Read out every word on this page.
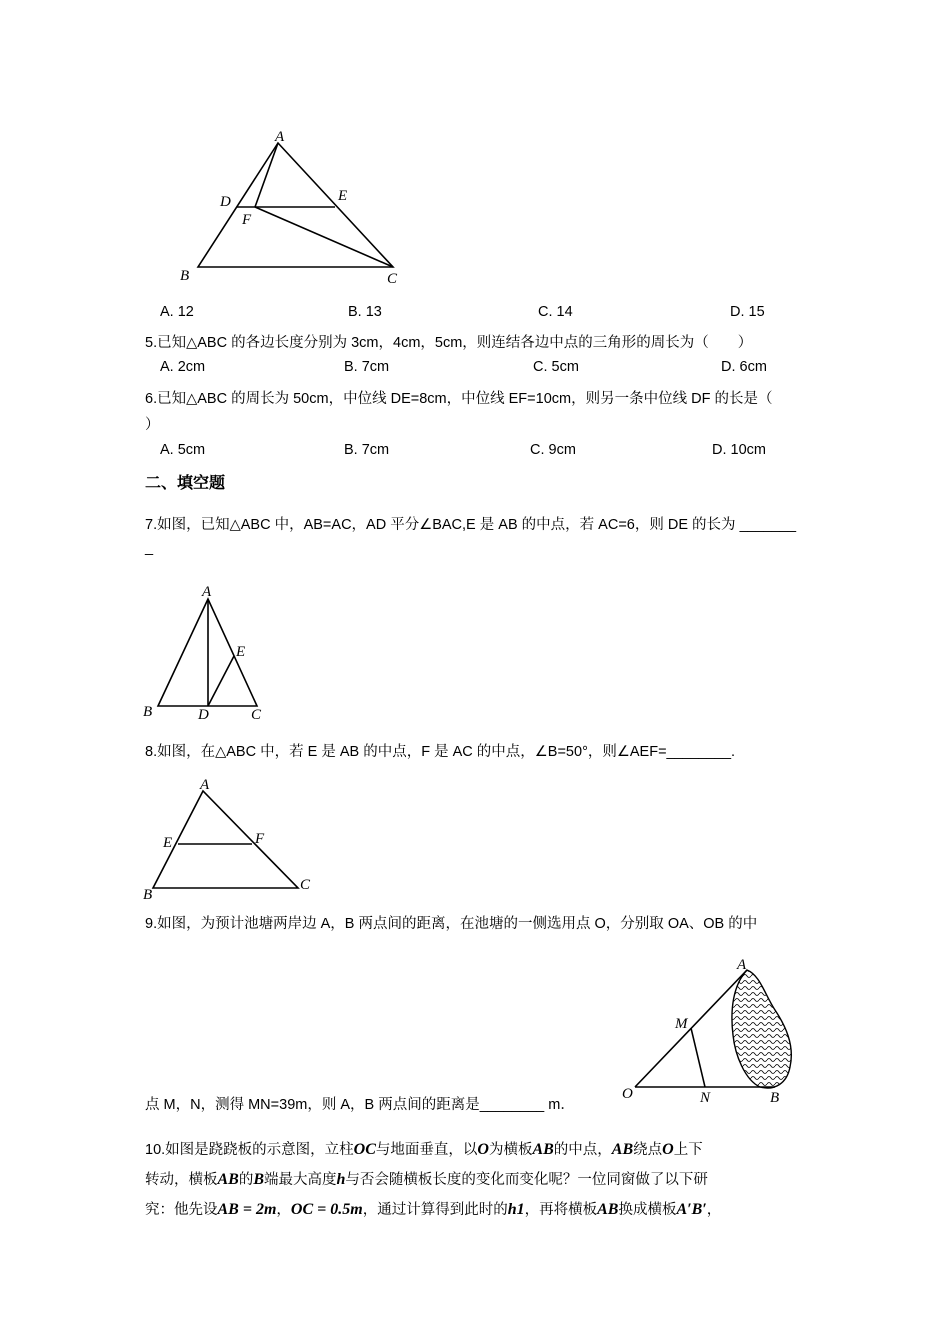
A
D	E
F
B	C
A. 12	B. 13	C. 14	D. 15
5.已知△ABC 的各边长度分别为 3cm，4cm，5cm，则连结各边中点的三角形的周长为（　　）
A. 2cm	B. 7cm	C. 5cm	D. 6cm
6.已知△ABC 的周长为 50cm，中位线 DE=8cm，中位线 EF=10cm，则另一条中位线 DF 的长是（
）
A. 5cm	B. 7cm	C. 9cm	D. 10cm
二、填空题
7.如图，已知△ABC 中，AB=AC，AD 平分∠BAC,E 是 AB 的中点，若 AC=6，则 DE 的长为 _______
_
A
E
B	D	C
8.如图，在△ABC 中，若 E 是 AB 的中点，F 是 AC 的中点，∠B=50°，则∠AEF=________.
A
E	F
B
C
9.如图，为预计池塘两岸边 A，B 两点间的距离，在池塘的一侧选用点 O，分别取 OA、OB 的中
A
M
O	N	B
点 M，N，测得 MN=39m，则 A，B 两点间的距离是________ m．
10.如图是跷跷板的示意图，立柱OC与地面垂直，以O为横板AB的中点，AB绕点O上下
转动，横板AB的B端最大高度h与否会随横板长度的变化而变化呢？一位同窗做了以下研
究：他先设AB = 2m，OC = 0.5m，通过计算得到此时的h1，再将横板AB换成横板A′B′，
